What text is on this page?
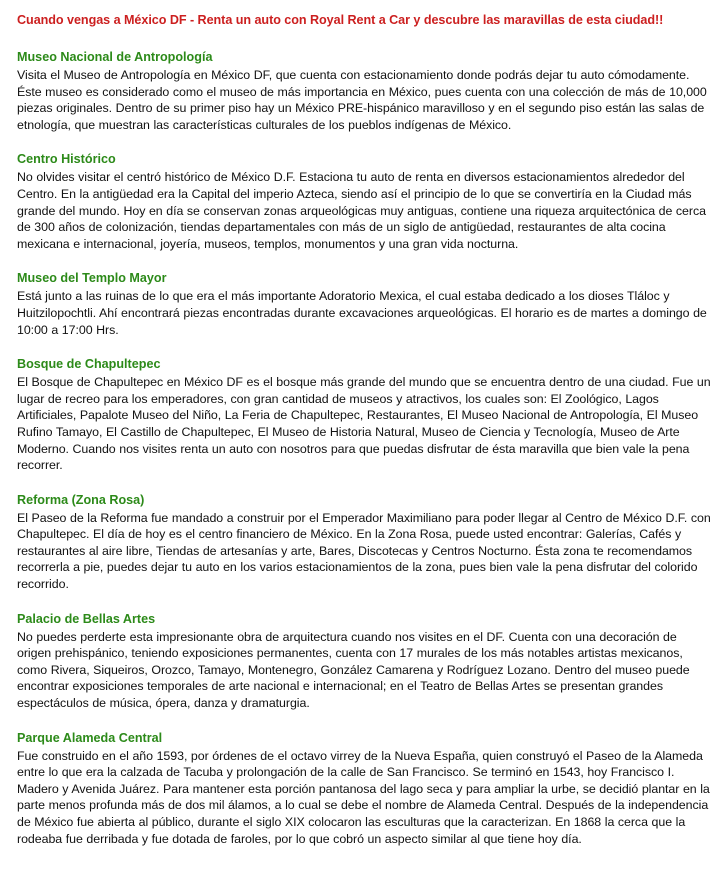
Cuando vengas a México DF - Renta un auto con Royal Rent a Car y descubre las maravillas de esta ciudad!!
Museo Nacional de Antropología

Visita el Museo de Antropología en México DF, que cuenta con estacionamiento donde podrás dejar tu auto cómodamente. Éste museo es considerado como el museo de más importancia en México, pues cuenta con una colección de más de 10,000 piezas originales. Dentro de su primer piso hay un México PRE-hispánico maravilloso y en el segundo piso están las salas de etnología, que muestran las características culturales de los pueblos indígenas de México.

Centro Histórico

No olvides visitar el centró histórico de México D.F. Estaciona tu auto de renta en diversos estacionamientos alrededor del Centro. En la antigüedad era la Capital del imperio Azteca, siendo así el principio de lo que se convertiría en la Ciudad más grande del mundo. Hoy en día se conservan zonas arqueológicas muy antiguas, contiene una riqueza arquitectónica de cerca de 300 años de colonización, tiendas departamentales con más de un siglo de antigüedad, restaurantes de alta cocina mexicana e internacional, joyería, museos, templos, monumentos y una gran vida nocturna.

Museo del Templo Mayor

Está junto a las ruinas de lo que era el más importante Adoratorio Mexica, el cual estaba dedicado a los dioses Tláloc y Huitzilopochtli. Ahí encontrará piezas encontradas durante excavaciones arqueológicas. El horario es de martes a domingo de 10:00 a 17:00 Hrs.

Bosque de Chapultepec

El Bosque de Chapultepec en México DF es el bosque más grande del mundo que se encuentra dentro de una ciudad. Fue un lugar de recreo para los emperadores, con gran cantidad de museos y atractivos, los cuales son: El Zoológico, Lagos Artificiales, Papalote Museo del Niño, La Feria de Chapultepec, Restaurantes, El Museo Nacional de Antropología, El Museo Rufino Tamayo, El Castillo de Chapultepec, El Museo de Historia Natural, Museo de Ciencia y Tecnología, Museo de Arte Moderno. Cuando nos visites renta un auto con nosotros para que puedas disfrutar de ésta maravilla que bien vale la pena recorrer.

Reforma (Zona Rosa)

El Paseo de la Reforma fue mandado a construir por el Emperador Maximiliano para poder llegar al Centro de México D.F. con Chapultepec. El día de hoy es el centro financiero de México. En la Zona Rosa, puede usted encontrar: Galerías, Cafés y restaurantes al aire libre, Tiendas de artesanías y arte, Bares, Discotecas y Centros Nocturno. Ésta zona te recomendamos recorrerla a pie, puedes dejar tu auto en los varios estacionamientos de la zona, pues bien vale la pena disfrutar del colorido recorrido.

Palacio de Bellas Artes

No puedes perderte esta impresionante obra de arquitectura cuando nos visites en el DF. Cuenta con una decoración de origen prehispánico, teniendo exposiciones permanentes, cuenta con 17 murales de los más notables artistas mexicanos, como Rivera, Siqueiros, Orozco, Tamayo, Montenegro, González Camarena y Rodríguez Lozano. Dentro del museo puede encontrar exposiciones temporales de arte nacional e internacional; en el Teatro de Bellas Artes se presentan grandes espectáculos de música, ópera, danza y dramaturgia.

Parque Alameda Central

Fue construido en el año 1593, por órdenes de el octavo virrey de la Nueva España, quien construyó el Paseo de la Alameda entre lo que era la calzada de Tacuba y prolongación de la calle de San Francisco. Se terminó en 1543, hoy Francisco I. Madero y Avenida Juárez. Para mantener esta porción pantanosa del lago seca y para ampliar la urbe, se decidió plantar en la parte menos profunda más de dos mil álamos, a lo cual se debe el nombre de Alameda Central. Después de la independencia de México fue abierta al público, durante el siglo XIX colocaron las esculturas que la caracterizan. En 1868 la cerca que la rodeaba fue derribada y fue dotada de faroles, por lo que cobró un aspecto similar al que tiene hoy día.
